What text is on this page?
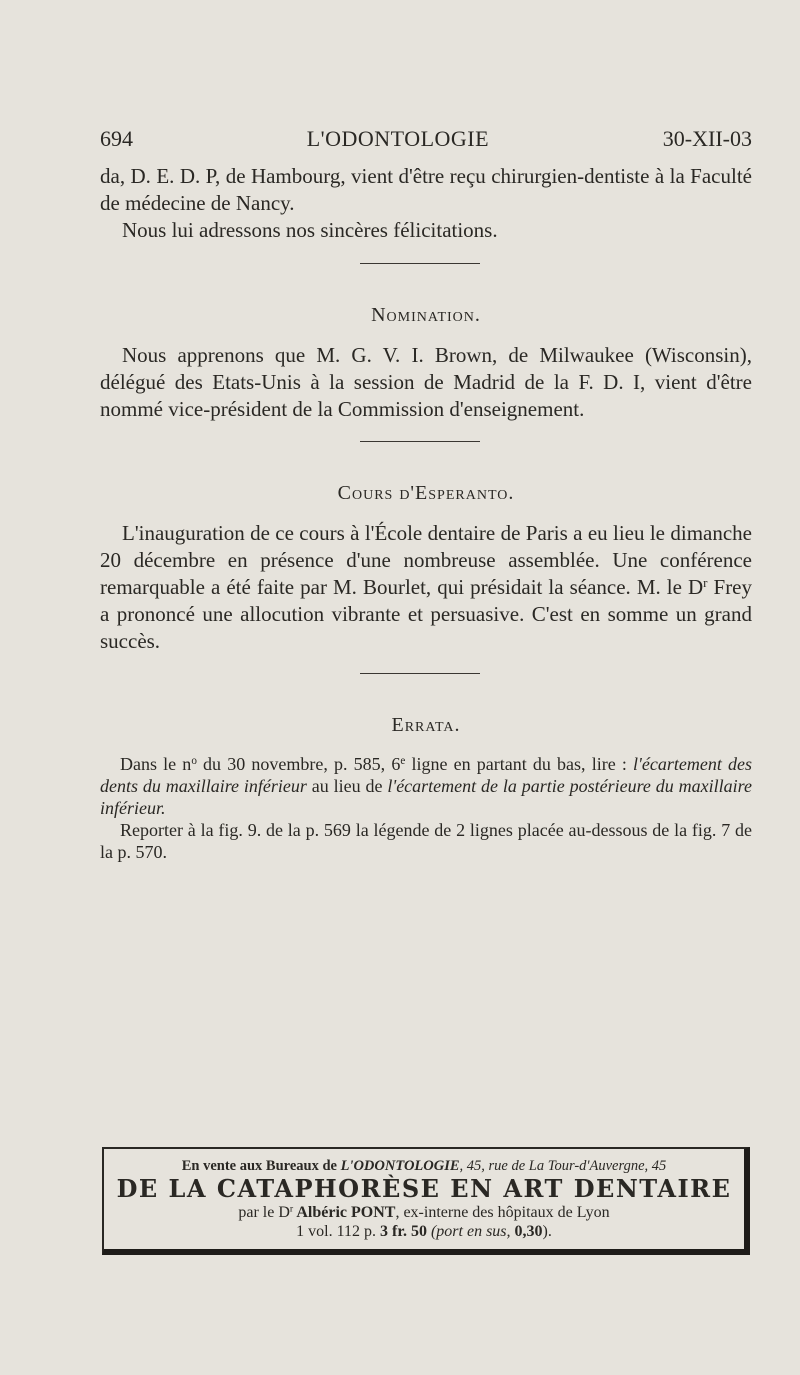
694	L'ODONTOLOGIE	30-XII-03
da, D. E. D. P, de Hambourg, vient d'être reçu chirurgien-dentiste à la Faculté de médecine de Nancy.
Nous lui adressons nos sincères félicitations.
Nomination.
Nous apprenons que M. G. V. I. Brown, de Milwaukee (Wisconsin), délégué des Etats-Unis à la session de Madrid de la F. D. I, vient d'être nommé vice-président de la Commission d'enseignement.
Cours d'Esperanto.
L'inauguration de ce cours à l'École dentaire de Paris a eu lieu le dimanche 20 décembre en présence d'une nombreuse assemblée. Une conférence remarquable a été faite par M. Bourlet, qui présidait la séance. M. le $D^r$ Frey a prononcé une allocution vibrante et persuasive. C'est en somme un grand succès.
Errata.
Dans le $n^o$ du 30 novembre, p. 585, 6e ligne en partant du bas, lire : l'écartement des dents du maxillaire inférieur au lieu de l'écartement de la partie postérieure du maxillaire inférieur.
Reporter à la fig. 9. de la p. 569 la légende de 2 lignes placée au-dessous de la fig. 7 de la p. 570.
En vente aux Bureaux de L'ODONTOLOGIE, 45, rue de La Tour-d'Auvergne, 45
DE LA CATAPHORÈSE EN ART DENTAIRE
par le $D^r$ Albéric PONT, ex-interne des hôpitaux de Lyon
1 vol. 112 p. 3 fr. 50 (port en sus, 0,30).
